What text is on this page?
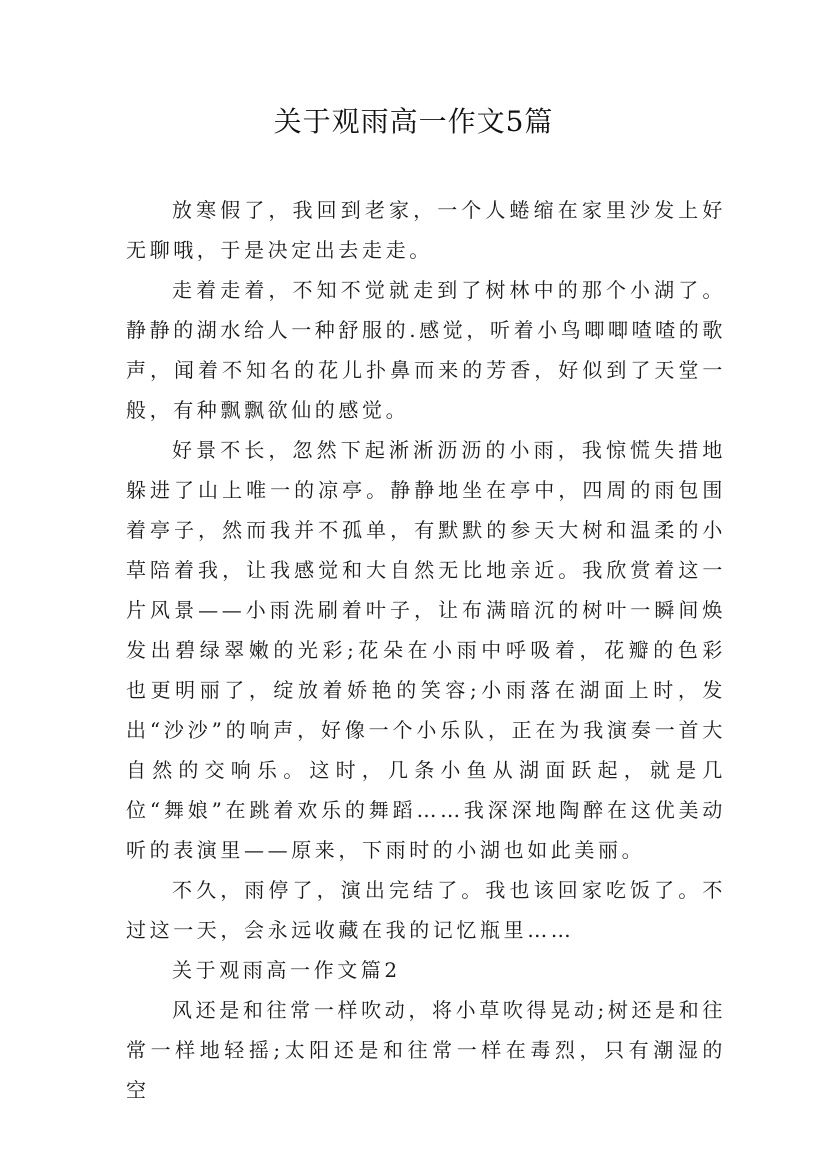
关于观雨高一作文5篇

放寒假了，我回到老家，一个人蜷缩在家里沙发上好无聊哦，于是决定出去走走。

走着走着，不知不觉就走到了树林中的那个小湖了。静静的湖水给人一种舒服的.感觉，听着小鸟唧唧喳喳的歌声，闻着不知名的花儿扑鼻而来的芳香，好似到了天堂一般，有种飘飘欲仙的感觉。

好景不长，忽然下起淅淅沥沥的小雨，我惊慌失措地躲进了山上唯一的凉亭。静静地坐在亭中，四周的雨包围着亭子，然而我并不孤单，有默默的参天大树和温柔的小草陪着我，让我感觉和大自然无比地亲近。我欣赏着这一片风景——小雨洗刷着叶子，让布满暗沉的树叶一瞬间焕发出碧绿翠嫩的光彩;花朵在小雨中呼吸着，花瓣的色彩也更明丽了，绽放着娇艳的笑容;小雨落在湖面上时，发出“沙沙”的响声，好像一个小乐队，正在为我演奏一首大自然的交响乐。这时，几条小鱼从湖面跃起，就是几位“舞娘”在跳着欢乐的舞蹈……我深深地陶醉在这优美动听的表演里——原来，下雨时的小湖也如此美丽。

不久，雨停了，演出完结了。我也该回家吃饭了。不过这一天，会永远收藏在我的记忆瓶里……

关于观雨高一作文篇2

风还是和往常一样吹动，将小草吹得晃动;树还是和往常一样地轻摇;太阳还是和往常一样在毒烈，只有潮湿的空
